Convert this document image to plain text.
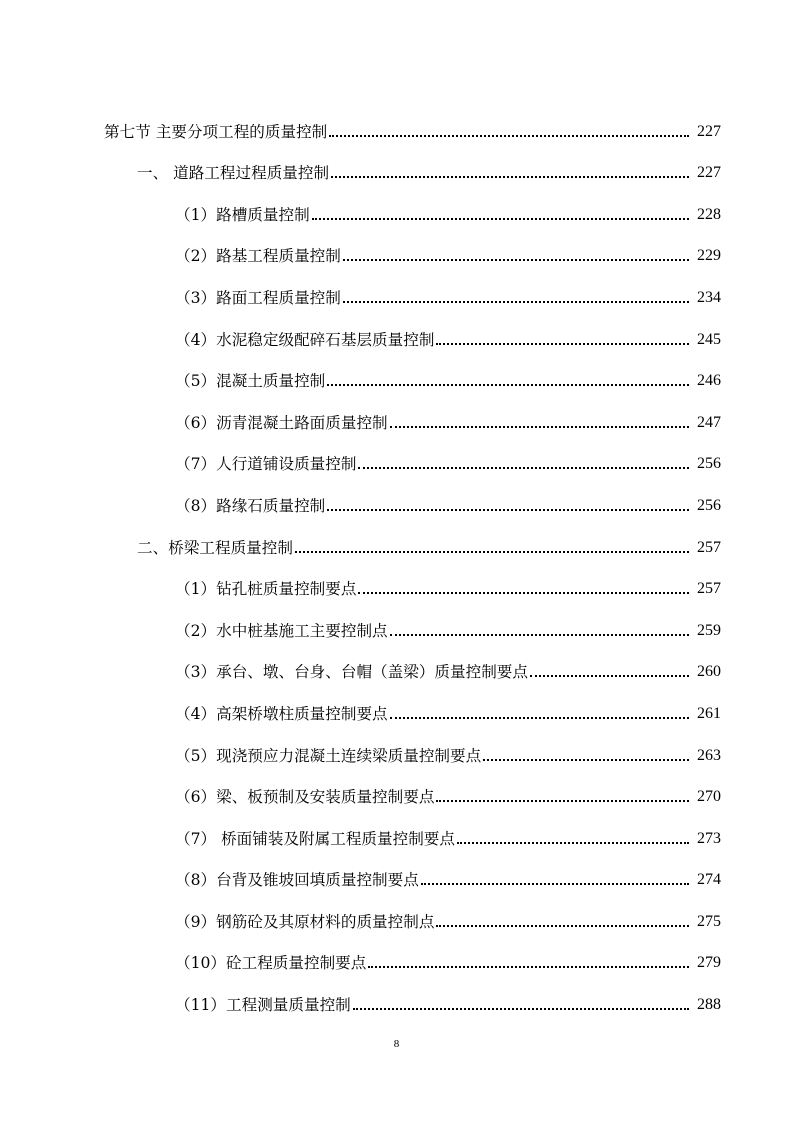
第七节 主要分项工程的质量控制	227
一、 道路工程过程质量控制	227
（1）路槽质量控制	228
（2）路基工程质量控制	229
（3）路面工程质量控制	234
（4）水泥稳定级配碎石基层质量控制	245
（5）混凝土质量控制	246
（6）沥青混凝土路面质量控制	247
（7）人行道铺设质量控制	256
（8）路缘石质量控制	256
二、桥梁工程质量控制	257
（1）钻孔桩质量控制要点	257
（2）水中桩基施工主要控制点	259
（3）承台、墩、台身、台帽（盖梁）质量控制要点	260
（4）高架桥墩柱质量控制要点	261
（5）现浇预应力混凝土连续梁质量控制要点	263
（6）梁、板预制及安装质量控制要点	270
（7） 桥面铺装及附属工程质量控制要点	273
（8）台背及锥坡回填质量控制要点	274
（9）钢筋砼及其原材料的质量控制点	275
（10）砼工程质量控制要点	279
（11）工程测量质量控制	288
8
